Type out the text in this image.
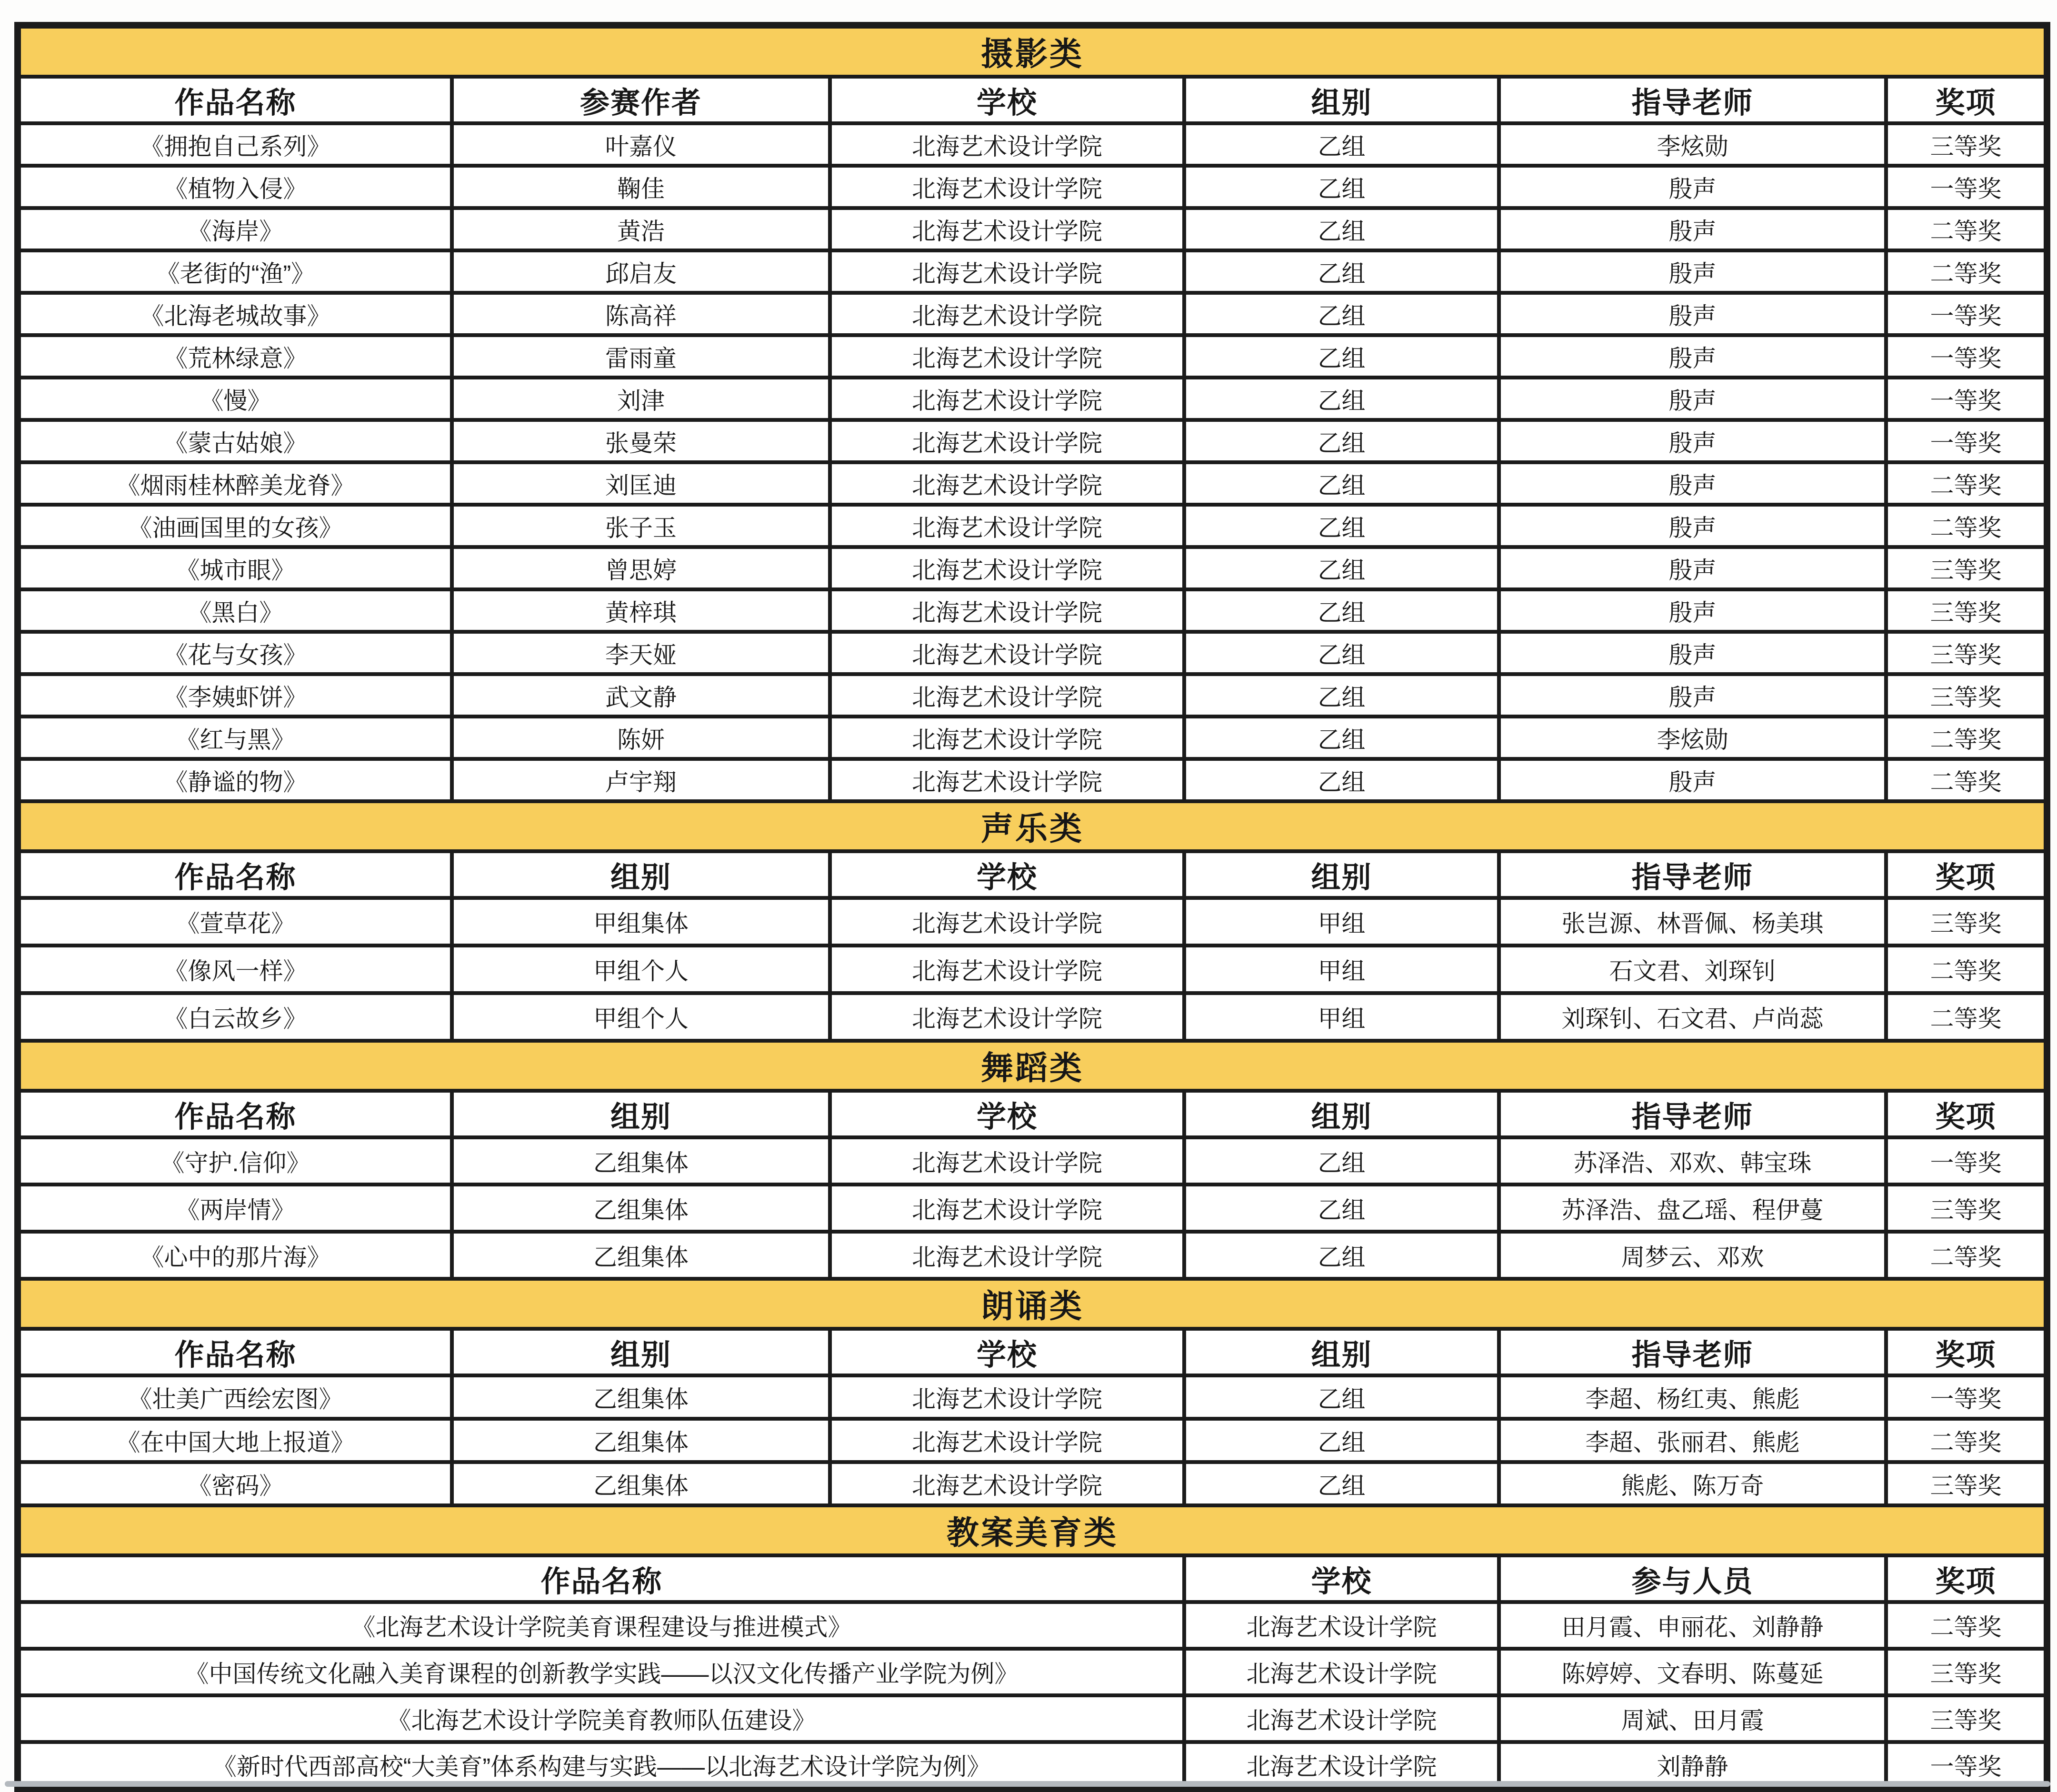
摄影类					
作品名称	参赛作者	学校	组别	指导老师	奖项
《拥抱自己系列》	叶嘉仪	北海艺术设计学院	乙组	李炫勋	三等奖
《植物入侵》	鞠佳	北海艺术设计学院	乙组	殷声	一等奖
《海岸》	黄浩	北海艺术设计学院	乙组	殷声	二等奖
《老街的“渔”》	邱启友	北海艺术设计学院	乙组	殷声	二等奖
《北海老城故事》	陈高祥	北海艺术设计学院	乙组	殷声	一等奖
《荒林绿意》	雷雨童	北海艺术设计学院	乙组	殷声	一等奖
《慢》	刘津	北海艺术设计学院	乙组	殷声	一等奖
《蒙古姑娘》	张曼荣	北海艺术设计学院	乙组	殷声	一等奖
《烟雨桂林醉美龙脊》	刘匡迪	北海艺术设计学院	乙组	殷声	二等奖
《油画国里的女孩》	张子玉	北海艺术设计学院	乙组	殷声	二等奖
《城市眼》	曾思婷	北海艺术设计学院	乙组	殷声	三等奖
《黑白》	黄梓琪	北海艺术设计学院	乙组	殷声	三等奖
《花与女孩》	李天娅	北海艺术设计学院	乙组	殷声	三等奖
《李姨虾饼》	武文静	北海艺术设计学院	乙组	殷声	三等奖
《红与黑》	陈妍	北海艺术设计学院	乙组	李炫勋	二等奖
《静谧的物》	卢宇翔	北海艺术设计学院	乙组	殷声	二等奖
声乐类					
作品名称	组别	学校	组别	指导老师	奖项
《萱草花》	甲组集体	北海艺术设计学院	甲组	张岂源、林晋佩、杨美琪	三等奖
《像风一样》	甲组个人	北海艺术设计学院	甲组	石文君、刘琛钊	二等奖
《白云故乡》	甲组个人	北海艺术设计学院	甲组	刘琛钊、石文君、卢尚蕊	二等奖
舞蹈类					
作品名称	组别	学校	组别	指导老师	奖项
《守护.信仰》	乙组集体	北海艺术设计学院	乙组	苏泽浩、邓欢、韩宝珠	一等奖
《两岸情》	乙组集体	北海艺术设计学院	乙组	苏泽浩、盘乙瑶、程伊蔓	三等奖
《心中的那片海》	乙组集体	北海艺术设计学院	乙组	周梦云、邓欢	二等奖
朗诵类					
作品名称	组别	学校	组别	指导老师	奖项
《壮美广西绘宏图》	乙组集体	北海艺术设计学院	乙组	李超、杨红夷、熊彪	一等奖
《在中国大地上报道》	乙组集体	北海艺术设计学院	乙组	李超、张丽君、熊彪	二等奖
《密码》	乙组集体	北海艺术设计学院	乙组	熊彪、陈万奇	三等奖
教案美育类					
作品名称			学校	参与人员	奖项
《北海艺术设计学院美育课程建设与推进模式》			北海艺术设计学院	田月霞、申丽花、刘静静	二等奖
《中国传统文化融入美育课程的创新教学实践——以汉文化传播产业学院为例》			北海艺术设计学院	陈婷婷、文春明、陈蔓延	三等奖
《北海艺术设计学院美育教师队伍建设》			北海艺术设计学院	周斌、田月霞	三等奖
《新时代西部高校“大美育”体系构建与实践——以北海艺术设计学院为例》			北海艺术设计学院	刘静静	一等奖
